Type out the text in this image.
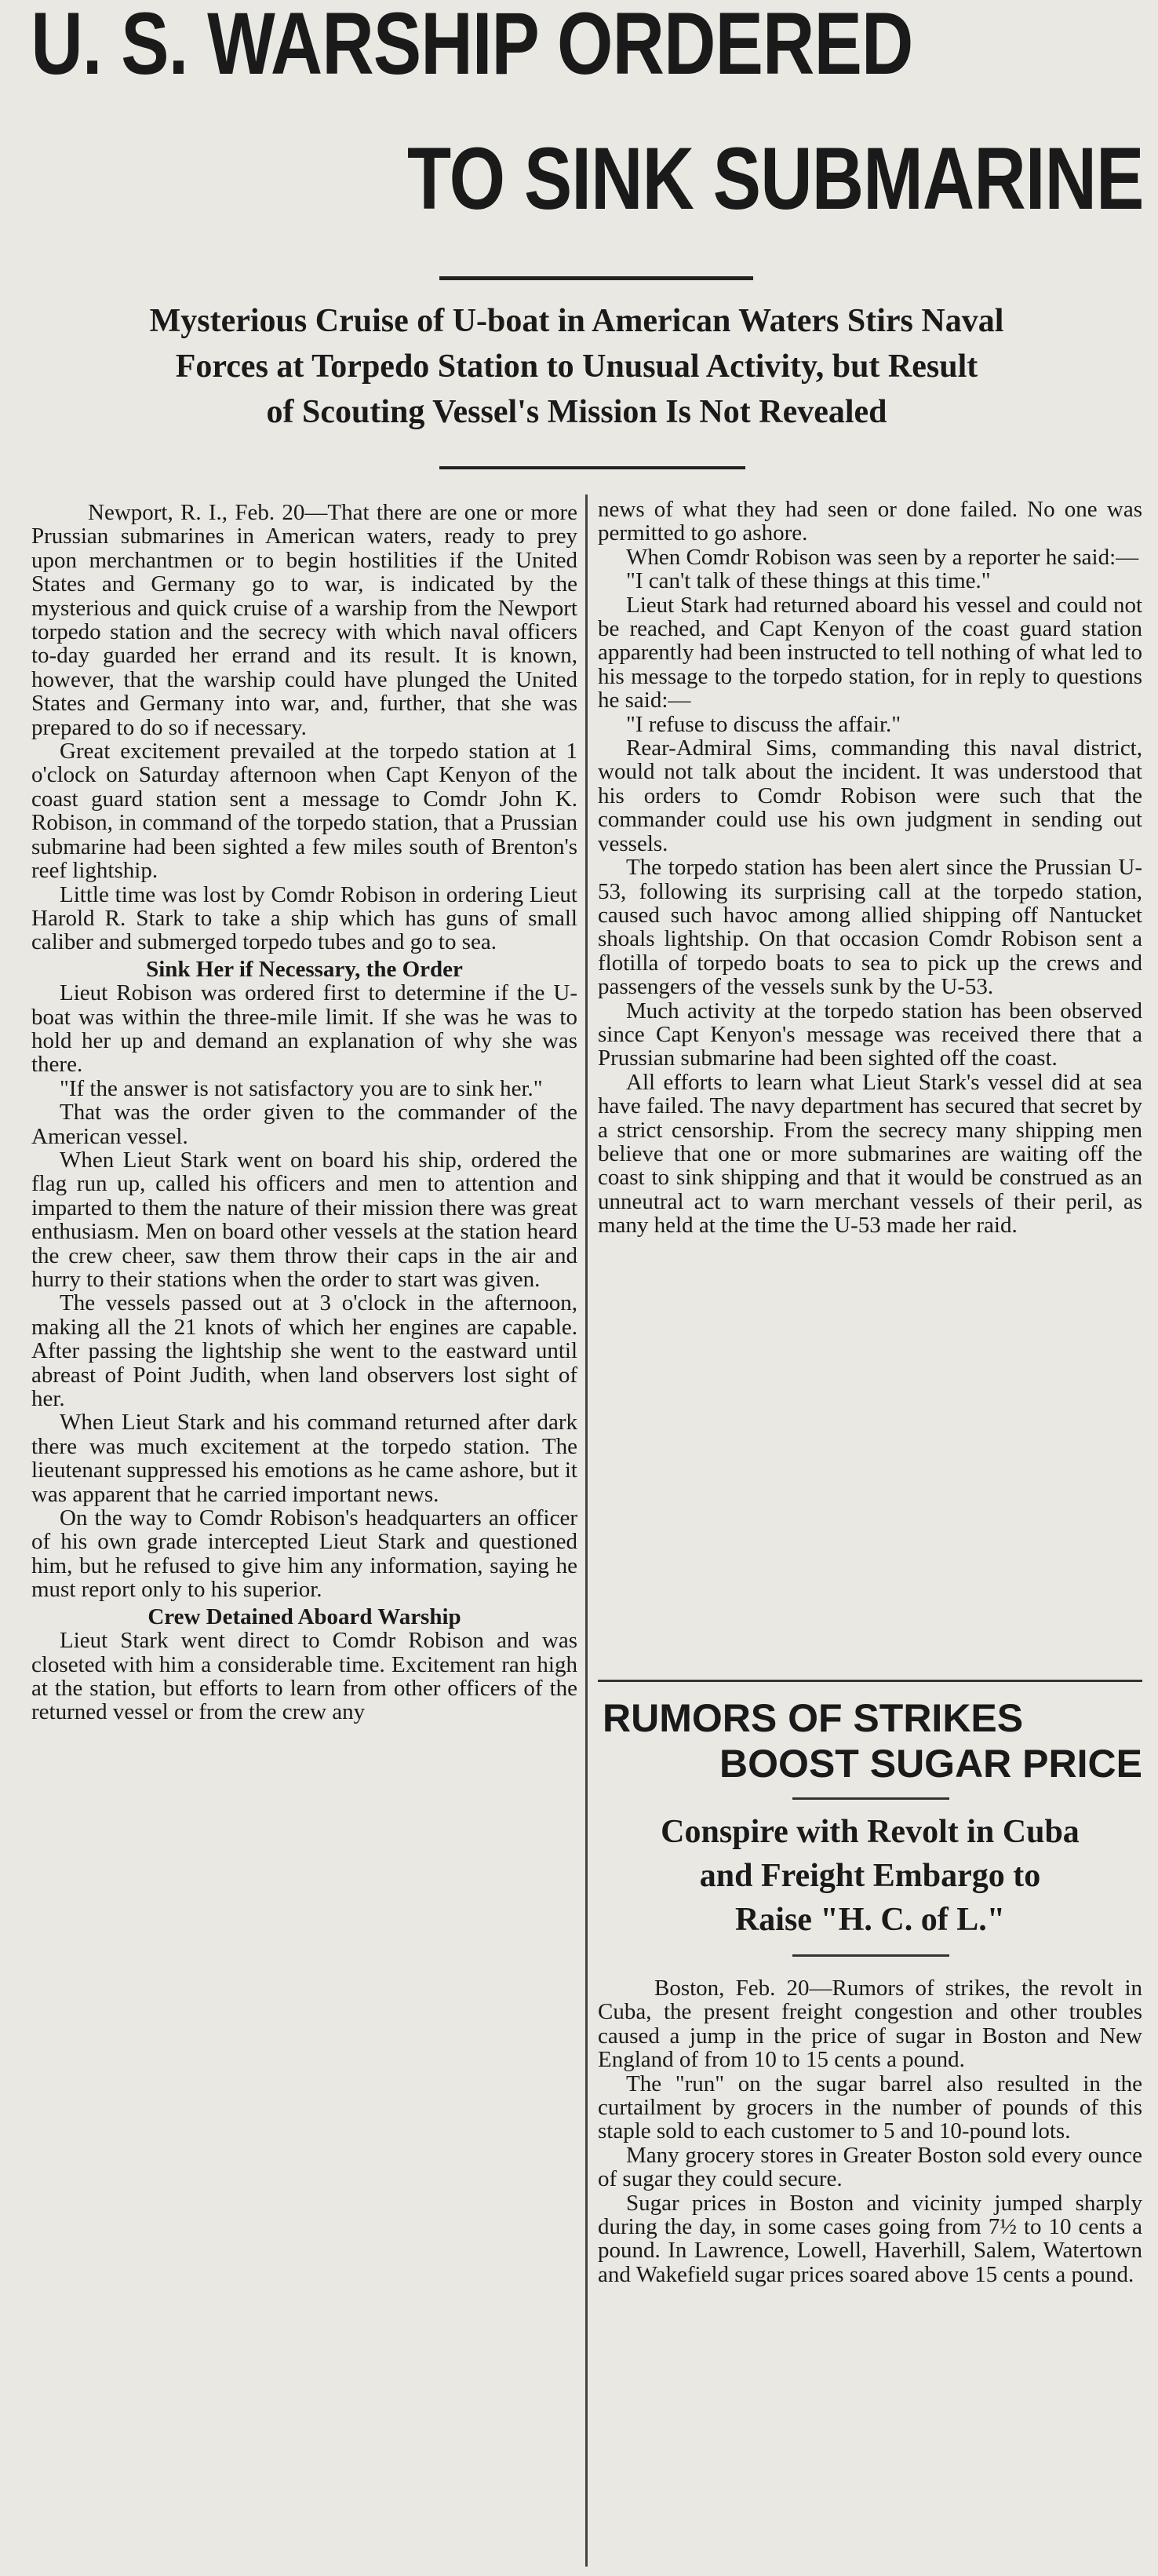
U. S. WARSHIP ORDERED
TO SINK SUBMARINE
Mysterious Cruise of U-boat in American Waters Stirs Naval
Forces at Torpedo Station to Unusual Activity, but Result
of Scouting Vessel's Mission Is Not Revealed

Newport, R. I., Feb. 20—That there are one or more Prussian submarines in American waters, ready to prey upon merchantmen or to begin hostilities if the United States and Germany go to war, is indicated by the mysterious and quick cruise of a warship from the Newport torpedo station and the secrecy with which naval officers to-day guarded her errand and its result. It is known, however, that the warship could have plunged the United States and Germany into war, and, further, that she was prepared to do so if necessary.

Great excitement prevailed at the torpedo station at 1 o'clock on Saturday afternoon when Capt Kenyon of the coast guard station sent a message to Comdr John K. Robison, in command of the torpedo station, that a Prussian submarine had been sighted a few miles south of Brenton's reef lightship.

Little time was lost by Comdr Robison in ordering Lieut Harold R. Stark to take a ship which has guns of small caliber and submerged torpedo tubes and go to sea.

Sink Her if Necessary, the Order

Lieut Robison was ordered first to determine if the U-boat was within the three-mile limit. If she was he was to hold her up and demand an explanation of why she was there.

"If the answer is not satisfactory you are to sink her."

That was the order given to the commander of the American vessel.

When Lieut Stark went on board his ship, ordered the flag run up, called his officers and men to attention and imparted to them the nature of their mission there was great enthusiasm. Men on board other vessels at the station heard the crew cheer, saw them throw their caps in the air and hurry to their stations when the order to start was given.

The vessels passed out at 3 o'clock in the afternoon, making all the 21 knots of which her engines are capable. After passing the lightship she went to the eastward until abreast of Point Judith, when land observers lost sight of her.

When Lieut Stark and his command returned after dark there was much excitement at the torpedo station. The lieutenant suppressed his emotions as he came ashore, but it was apparent that he carried important news.

On the way to Comdr Robison's headquarters an officer of his own grade intercepted Lieut Stark and questioned him, but he refused to give him any information, saying he must report only to his superior.

Crew Detained Aboard Warship

Lieut Stark went direct to Comdr Robison and was closeted with him a considerable time. Excitement ran high at the station, but efforts to learn from other officers of the returned vessel or from the crew any

news of what they had seen or done failed. No one was permitted to go ashore.

When Comdr Robison was seen by a reporter he said:—

"I can't talk of these things at this time."

Lieut Stark had returned aboard his vessel and could not be reached, and Capt Kenyon of the coast guard station apparently had been instructed to tell nothing of what led to his message to the torpedo station, for in reply to questions he said:—

"I refuse to discuss the affair."

Rear-Admiral Sims, commanding this naval district, would not talk about the incident. It was understood that his orders to Comdr Robison were such that the commander could use his own judgment in sending out vessels.

The torpedo station has been alert since the Prussian U-53, following its surprising call at the torpedo station, caused such havoc among allied shipping off Nantucket shoals lightship. On that occasion Comdr Robison sent a flotilla of torpedo boats to sea to pick up the crews and passengers of the vessels sunk by the U-53.

Much activity at the torpedo station has been observed since Capt Kenyon's message was received there that a Prussian submarine had been sighted off the coast.

All efforts to learn what Lieut Stark's vessel did at sea have failed. The navy department has secured that secret by a strict censorship. From the secrecy many shipping men believe that one or more submarines are waiting off the coast to sink shipping and that it would be construed as an unneutral act to warn merchant vessels of their peril, as many held at the time the U-53 made her raid.

RUMORS OF STRIKES
BOOST SUGAR PRICE
Conspire with Revolt in Cuba
and Freight Embargo to
Raise "H. C. of L."

Boston, Feb. 20—Rumors of strikes, the revolt in Cuba, the present freight congestion and other troubles caused a jump in the price of sugar in Boston and New England of from 10 to 15 cents a pound.

The "run" on the sugar barrel also resulted in the curtailment by grocers in the number of pounds of this staple sold to each customer to 5 and 10-pound lots.

Many grocery stores in Greater Boston sold every ounce of sugar they could secure.

Sugar prices in Boston and vicinity jumped sharply during the day, in some cases going from 7½ to 10 cents a pound. In Lawrence, Lowell, Haverhill, Salem, Watertown and Wakefield sugar prices soared above 15 cents a pound.
